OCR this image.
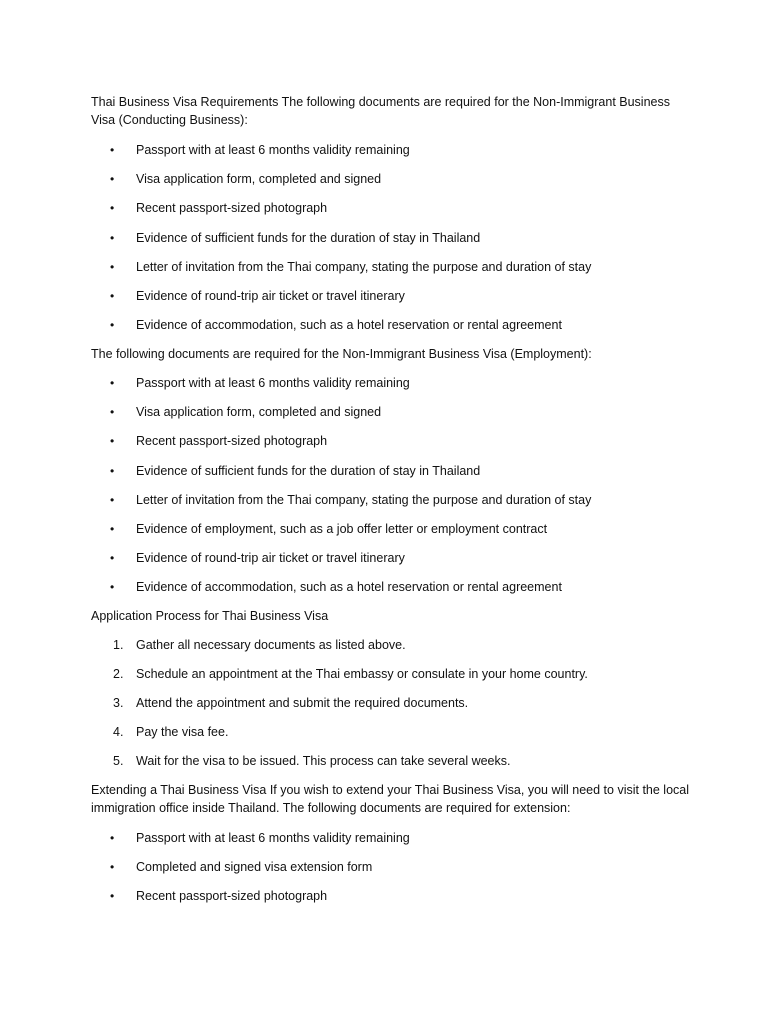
Thai Business Visa Requirements The following documents are required for the Non-Immigrant Business Visa (Conducting Business):

•	Passport with at least 6 months validity remaining
•	Visa application form, completed and signed
•	Recent passport-sized photograph
•	Evidence of sufficient funds for the duration of stay in Thailand
•	Letter of invitation from the Thai company, stating the purpose and duration of stay
•	Evidence of round-trip air ticket or travel itinerary
•	Evidence of accommodation, such as a hotel reservation or rental agreement

The following documents are required for the Non-Immigrant Business Visa (Employment):

•	Passport with at least 6 months validity remaining
•	Visa application form, completed and signed
•	Recent passport-sized photograph
•	Evidence of sufficient funds for the duration of stay in Thailand
•	Letter of invitation from the Thai company, stating the purpose and duration of stay
•	Evidence of employment, such as a job offer letter or employment contract
•	Evidence of round-trip air ticket or travel itinerary
•	Evidence of accommodation, such as a hotel reservation or rental agreement

Application Process for Thai Business Visa

1.	Gather all necessary documents as listed above.
2.	Schedule an appointment at the Thai embassy or consulate in your home country.
3.	Attend the appointment and submit the required documents.
4.	Pay the visa fee.
5.	Wait for the visa to be issued. This process can take several weeks.

Extending a Thai Business Visa If you wish to extend your Thai Business Visa, you will need to visit the local immigration office inside Thailand. The following documents are required for extension:

•	Passport with at least 6 months validity remaining
•	Completed and signed visa extension form
•	Recent passport-sized photograph
